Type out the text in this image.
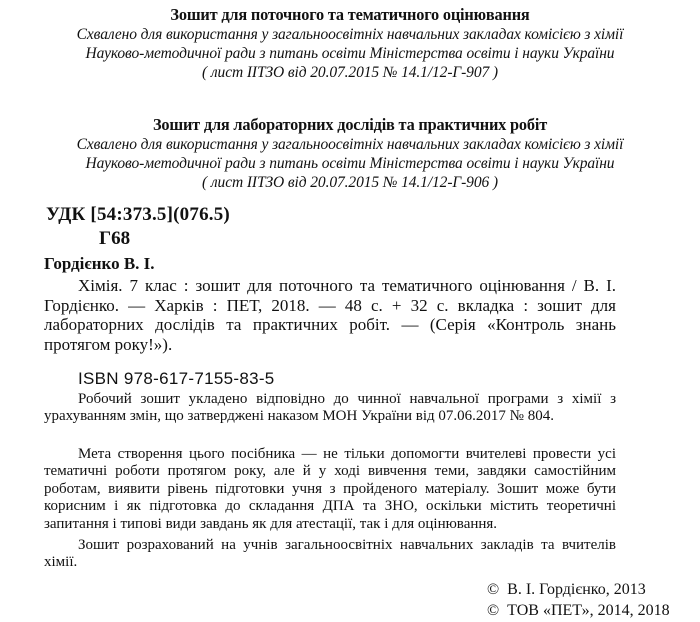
Зошит для поточного та тематичного оцінювання
Схвалено для використання у загальноосвітніх навчальних закладах комісією з хімії
Науково-методичної ради з питань освіти Міністерства освіти і науки України
( лист ІІТЗО від 20.07.2015 № 14.1/12-Г-907 )
Зошит для лабораторних дослідів та практичних робіт
Схвалено для використання у загальноосвітніх навчальних закладах комісією з хімії
Науково-методичної ради з питань освіти Міністерства освіти і науки України
( лист ІІТЗО від 20.07.2015 № 14.1/12-Г-906 )
УДК [54:373.5](076.5)
Г68
Гордієнко В. І.
Хімія. 7 клас : зошит для поточного та тематичного оцінювання / В. І. Гордієнко. — Харків : ПЕТ, 2018. — 48 с. + 32 с. вкладка : зошит для лабораторних дослідів та практичних робіт. — (Серія «Контроль знань протягом року!»).
ISBN 978-617-7155-83-5

Робочий зошит укладено відповідно до чинної навчальної програми з хімії з урахуванням змін, що затверджені наказом МОН України від 07.06.2017 № 804.

Мета створення цього посібника — не тільки допомогти вчителеві провести усі тематичні роботи протягом року, але й у ході вивчення теми, завдяки самостійним роботам, виявити рівень підготовки учня з пройденого матеріалу. Зошит може бути корисним і як підготовка до складання ДПА та ЗНО, оскільки містить теоретичні запитання і типові види завдань як для атестації, так і для оцінювання.

Зошит розрахований на учнів загальноосвітніх навчальних закладів та вчителів хімії.

© В. І. Гордієнко, 2013
© ТОВ «ПЕТ», 2014, 2018
